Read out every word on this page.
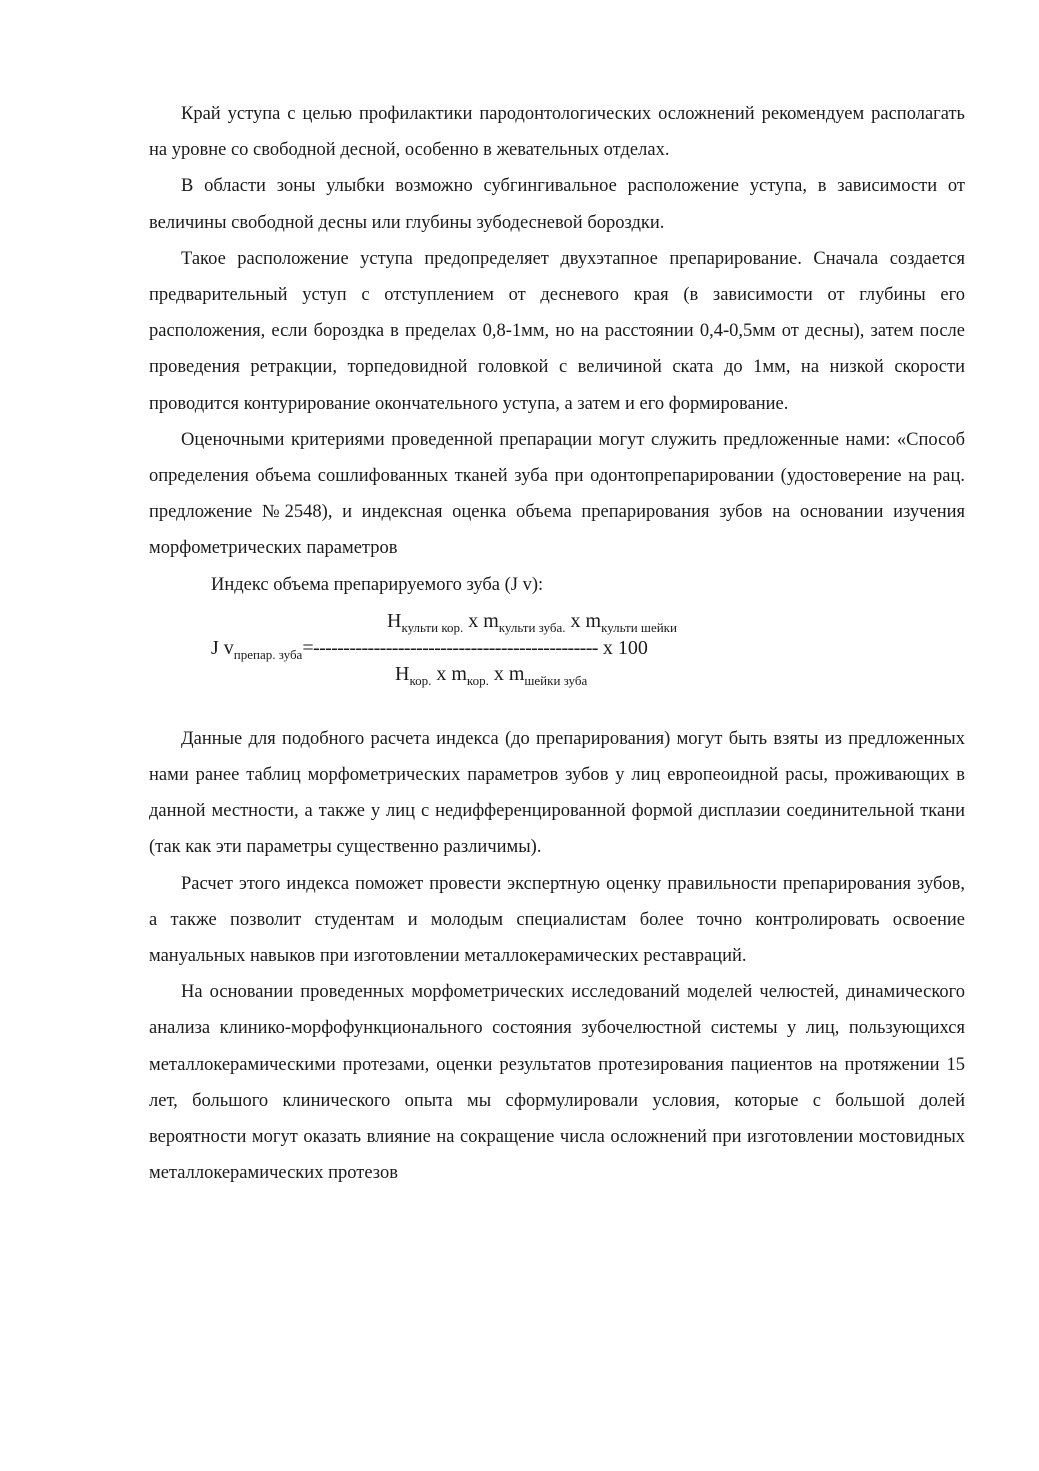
Край уступа с целью профилактики пародонтологических осложнений рекомендуем располагать на уровне со свободной десной, особенно в жевательных отделах.

В области зоны улыбки возможно субгингивальное расположение уступа, в зависимости от величины свободной десны или глубины зубодесневой бороздки.

Такое расположение уступа предопределяет двухэтапное препарирование. Сначала создается предварительный уступ с отступлением от десневого края (в зависимости от глубины его расположения, если бороздка в пределах 0,8-1мм, но на расстоянии 0,4-0,5мм от десны), затем после проведения ретракции, торпедовидной головкой с величиной ската до 1мм, на низкой скорости проводится контурирование окончательного уступа, а затем и его формирование.

Оценочными критериями проведенной препарации могут служить предложенные нами: «Способ определения объема сошлифованных тканей зуба при одонтопрепарировании (удостоверение на рац. предложение №2548), и индексная оценка объема препарирования зубов на основании изучения морфометрических параметров

Индекс объема препарируемого зуба (J v):
$H_{культи кор.}$ x $m_{культи зуба.}$ x $m_{культи шейки}$
J $v_{препар. зуба}=-----------------------------------------------$ x 100
$H_{кор.}$ x $m_{кор.}$ x $m_{шейки зуба}$

Данные для подобного расчета индекса (до препарирования) могут быть взяты из предложенных нами ранее таблиц морфометрических параметров зубов у лиц европеоидной расы, проживающих в данной местности, а также у лиц с недифференцированной формой дисплазии соединительной ткани (так как эти параметры существенно различимы).

Расчет этого индекса поможет провести экспертную оценку правильности препарирования зубов, а также позволит студентам и молодым специалистам более точно контролировать освоение мануальных навыков при изготовлении металлокерамических реставраций.

На основании проведенных морфометрических исследований моделей челюстей, динамического анализа клинико-морфофункционального состояния зубочелюстной системы у лиц, пользующихся металлокерамическими протезами, оценки результатов протезирования пациентов на протяжении 15 лет, большого клинического опыта мы сформулировали условия, которые с большой долей вероятности могут оказать влияние на сокращение числа осложнений при изготовлении мостовидных металлокерамических протезов
